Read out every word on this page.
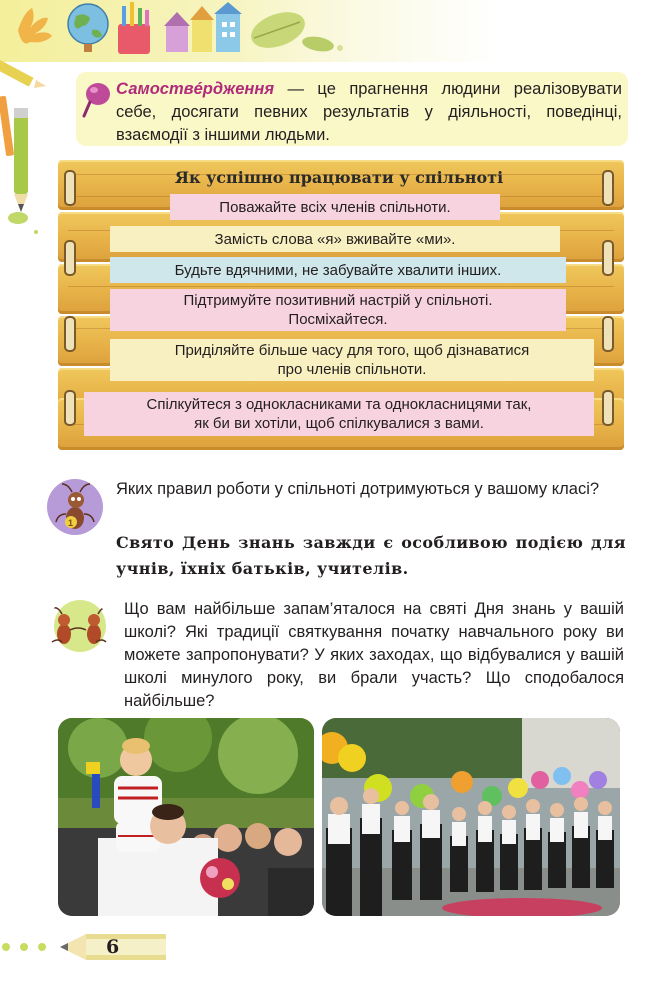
Самоствéрдження — це прагнення людини реалізовувати себе, досягати певних результатів у діяльності, поведінці, взаємодії з іншими людьми.
Як успішно працювати у спільноті
Поважайте всіх членів спільноти.
Замість слова «я» вживайте «ми».
Будьте вдячними, не забувайте хвалити інших.
Підтримуйте позитивний настрій у спільноті.
Посміхайтеся.
Приділяйте більше часу для того, щоб дізнаватися
про членів спільноти.
Спілкуйтеся з однокласниками та однокласницями так,
як би ви хотіли, щоб спілкувалися з вами.
1
Яких правил роботи у спільноті дотримуються у вашому класі?
Свято День знань завжди є особливою подією для учнів, їхніх батьків, учителів.
Що вам найбільше запам’яталося на святі Дня знань у вашій школі? Які традиції святкування початку навчального року ви можете запропонувати? У яких заходах, що відбувалися у вашій школі минулого року, ви брали участь? Що сподобалося найбільше?
6
